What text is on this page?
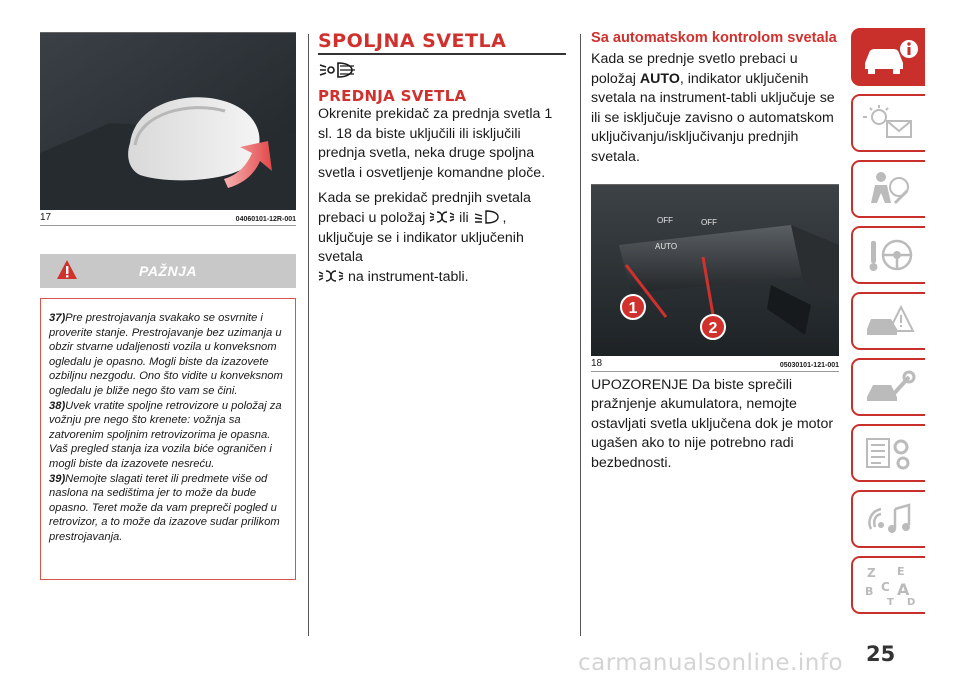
17	04060101-12R-001
PAŽNJA
37)Pre prestrojavanja svakako se osvrnite i proverite stanje. Prestrojavanje bez uzimanja u obzir stvarne udaljenosti vozila u konveksnom ogledalu je opasno. Mogli biste da izazovete ozbiljnu nezgodu. Ono što vidite u konveksnom ogledalu je bliže nego što vam se čini.
38)Uvek vratite spoljne retrovizore u položaj za vožnju pre nego što krenete: vožnja sa zatvorenim spoljnim retrovizorima je opasna. Vaš pregled stanja iza vozila biće ograničen i mogli biste da izazovete nesreću.
39)Nemojte slagati teret ili predmete više od naslona na sedištima jer to može da bude opasno. Teret može da vam prepreči pogled u retrovizor, a to može da izazove sudar prilikom prestrojavanja.
SPOLJNA SVETLA
PREDNJA SVETLA
Okrenite prekidač za prednja svetla 1 sl. 18 da biste uključili ili isključili prednja svetla, neka druge spoljna svetla i osvetljenje komandne ploče.
Kada se prekidač prednjih svetala prebaci u položaj ili ,
uključuje se i indikator uključenih svetala
na instrument-tabli.
Sa automatskom kontrolom svetala
Kada se prednje svetlo prebaci u položaj AUTO, indikator uključenih svetala na instrument-tabli uključuje se ili se isključuje zavisno o automatskom uključivanju/isključivanju prednjih svetala.
OFF	OFF
AUTO
1
2
18	05030101-121-001
UPOZORENJE Da biste sprečili pražnjenje akumulatora, nemojte ostavljati svetla uključena dok je motor ugašen ako to nije potrebno radi bezbednosti.
Z E
B C A
T D
carmanualsonline.info 25
